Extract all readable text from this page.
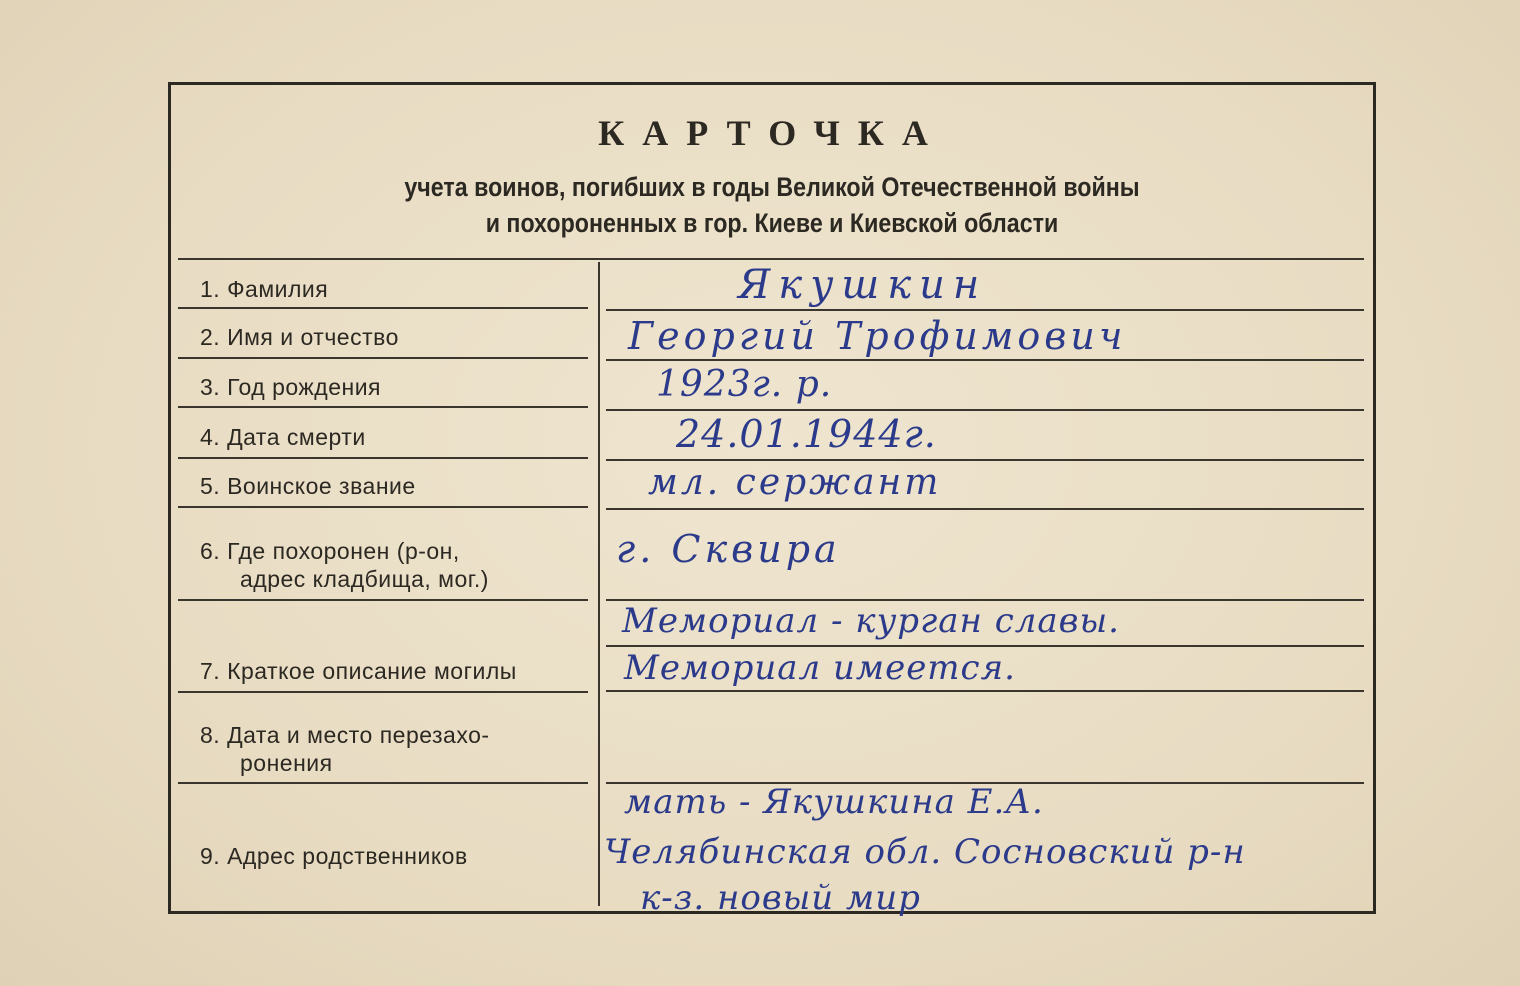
КАРТОЧКА
учета воинов, погибших в годы Великой Отечественной войны
и похороненных в гор. Киеве и Киевской области
1. Фамилия
2. Имя и отчество
3. Год рождения
4. Дата смерти
5. Воинское звание
6. Где похоронен (р-он,
адрес кладбища, мог.)
7. Краткое описание могилы
8. Дата и место перезахо-
ронения
9. Адрес родственников
Якушкин
Георгий Трофимович
1923г. р.
24.01.1944г.
мл. сержант
г. Сквира
Мемориал - курган славы.
Мемориал имеется.
мать - Якушкина Е.А.
Челябинская обл. Сосновский р-н
к-з. новый мир
